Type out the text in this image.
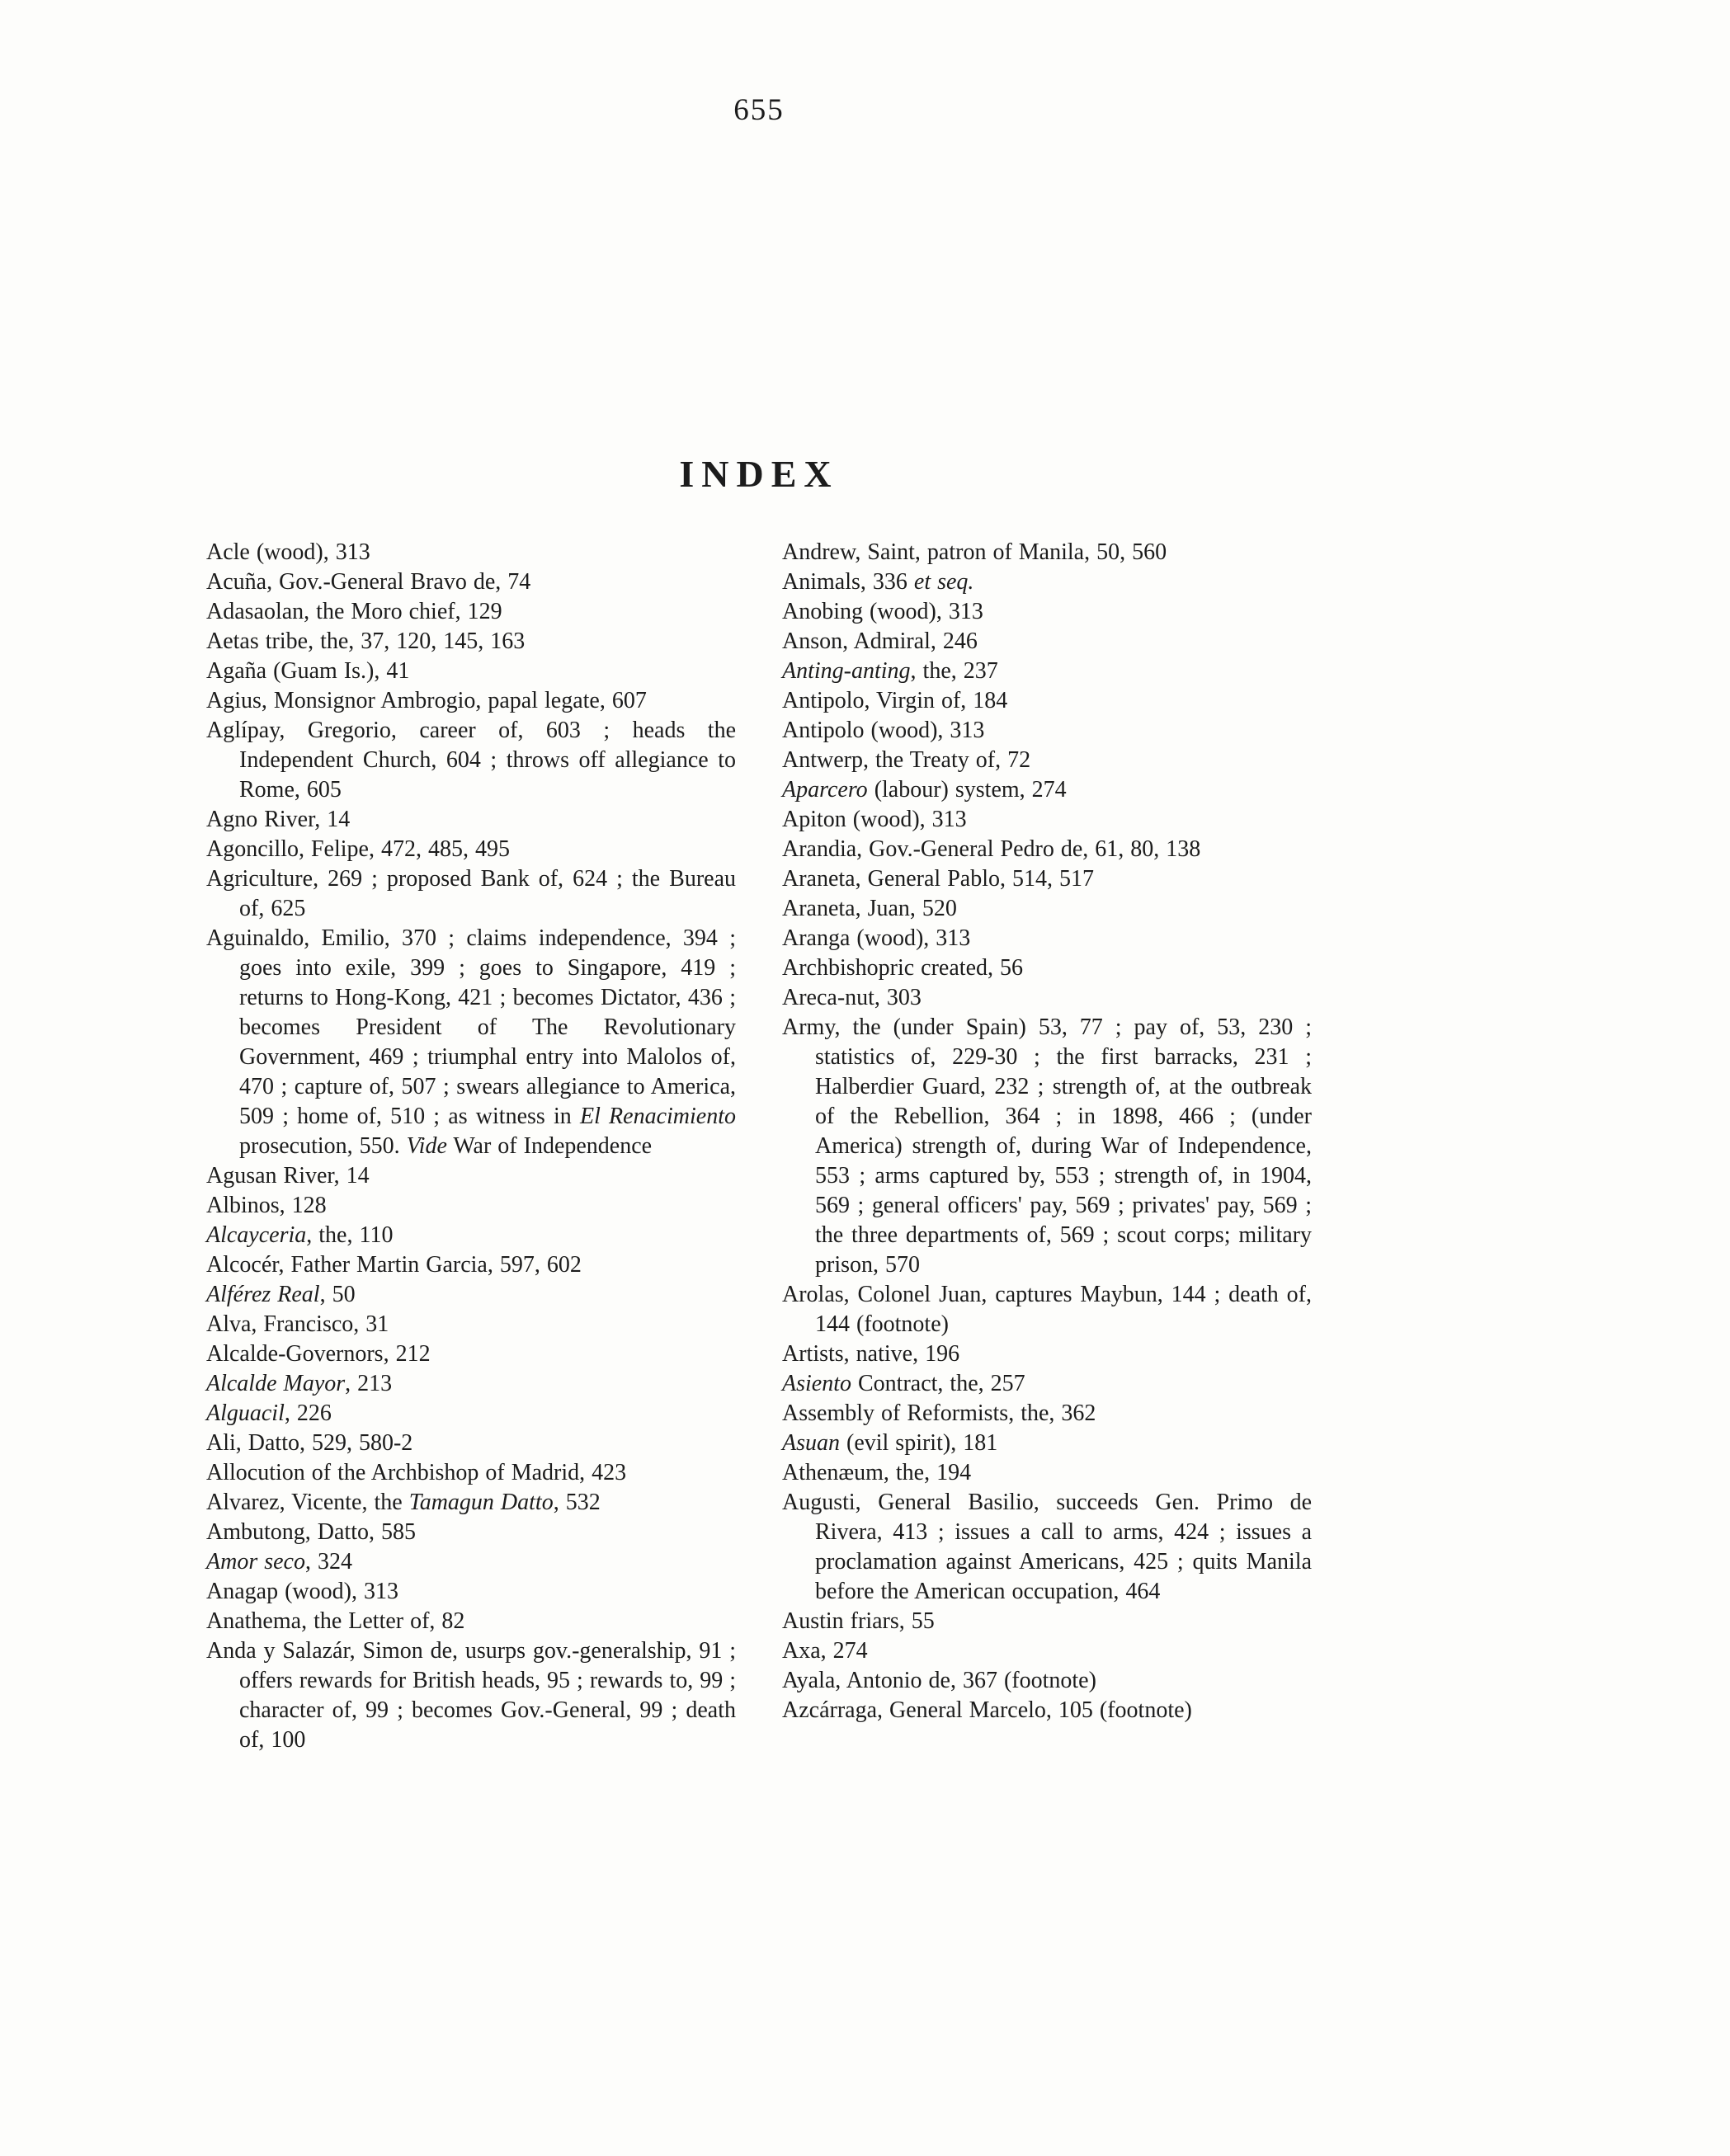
655
INDEX
Acle (wood), 313
Acuña, Gov.-General Bravo de, 74
Adasaolan, the Moro chief, 129
Aetas tribe, the, 37, 120, 145, 163
Agaña (Guam Is.), 41
Agius, Monsignor Ambrogio, papal legate, 607
Aglípay, Gregorio, career of, 603 ; heads the Independent Church, 604 ; throws off allegiance to Rome, 605
Agno River, 14
Agoncillo, Felipe, 472, 485, 495
Agriculture, 269 ; proposed Bank of, 624 ; the Bureau of, 625
Aguinaldo, Emilio, 370 ; claims independence, 394 ; goes into exile, 399 ; goes to Singapore, 419 ; returns to Hong-Kong, 421 ; becomes Dictator, 436 ; becomes President of The Revolutionary Government, 469 ; triumphal entry into Malolos of, 470 ; capture of, 507 ; swears allegiance to America, 509 ; home of, 510 ; as witness in El Renacimiento prosecution, 550. Vide War of Independence
Agusan River, 14
Albinos, 128
Alcayceria, the, 110
Alcocér, Father Martin Garcia, 597, 602
Alférez Real, 50
Alva, Francisco, 31
Alcalde-Governors, 212
Alcalde Mayor, 213
Alguacil, 226
Ali, Datto, 529, 580-2
Allocution of the Archbishop of Madrid, 423
Alvarez, Vicente, the Tamagun Datto, 532
Ambutong, Datto, 585
Amor seco, 324
Anagap (wood), 313
Anathema, the Letter of, 82
Anda y Salazár, Simon de, usurps gov.-generalship, 91 ; offers rewards for British heads, 95 ; rewards to, 99 ; character of, 99 ; becomes Gov.-General, 99 ; death of, 100
Andrew, Saint, patron of Manila, 50, 560
Animals, 336 et seq.
Anobing (wood), 313
Anson, Admiral, 246
Anting-anting, the, 237
Antipolo, Virgin of, 184
Antipolo (wood), 313
Antwerp, the Treaty of, 72
Aparcero (labour) system, 274
Apiton (wood), 313
Arandia, Gov.-General Pedro de, 61, 80, 138
Araneta, General Pablo, 514, 517
Araneta, Juan, 520
Aranga (wood), 313
Archbishopric created, 56
Areca-nut, 303
Army, the (under Spain) 53, 77 ; pay of, 53, 230 ; statistics of, 229-30 ; the first barracks, 231 ; Halberdier Guard, 232 ; strength of, at the outbreak of the Rebellion, 364 ; in 1898, 466 ; (under America) strength of, during War of Independence, 553 ; arms captured by, 553 ; strength of, in 1904, 569 ; general officers' pay, 569 ; privates' pay, 569 ; the three departments of, 569 ; scout corps; military prison, 570
Arolas, Colonel Juan, captures Maybun, 144 ; death of, 144 (footnote)
Artists, native, 196
Asiento Contract, the, 257
Assembly of Reformists, the, 362
Asuan (evil spirit), 181
Athenæum, the, 194
Augusti, General Basilio, succeeds Gen. Primo de Rivera, 413 ; issues a call to arms, 424 ; issues a proclamation against Americans, 425 ; quits Manila before the American occupation, 464
Austin friars, 55
Axa, 274
Ayala, Antonio de, 367 (footnote)
Azcárraga, General Marcelo, 105 (footnote)
